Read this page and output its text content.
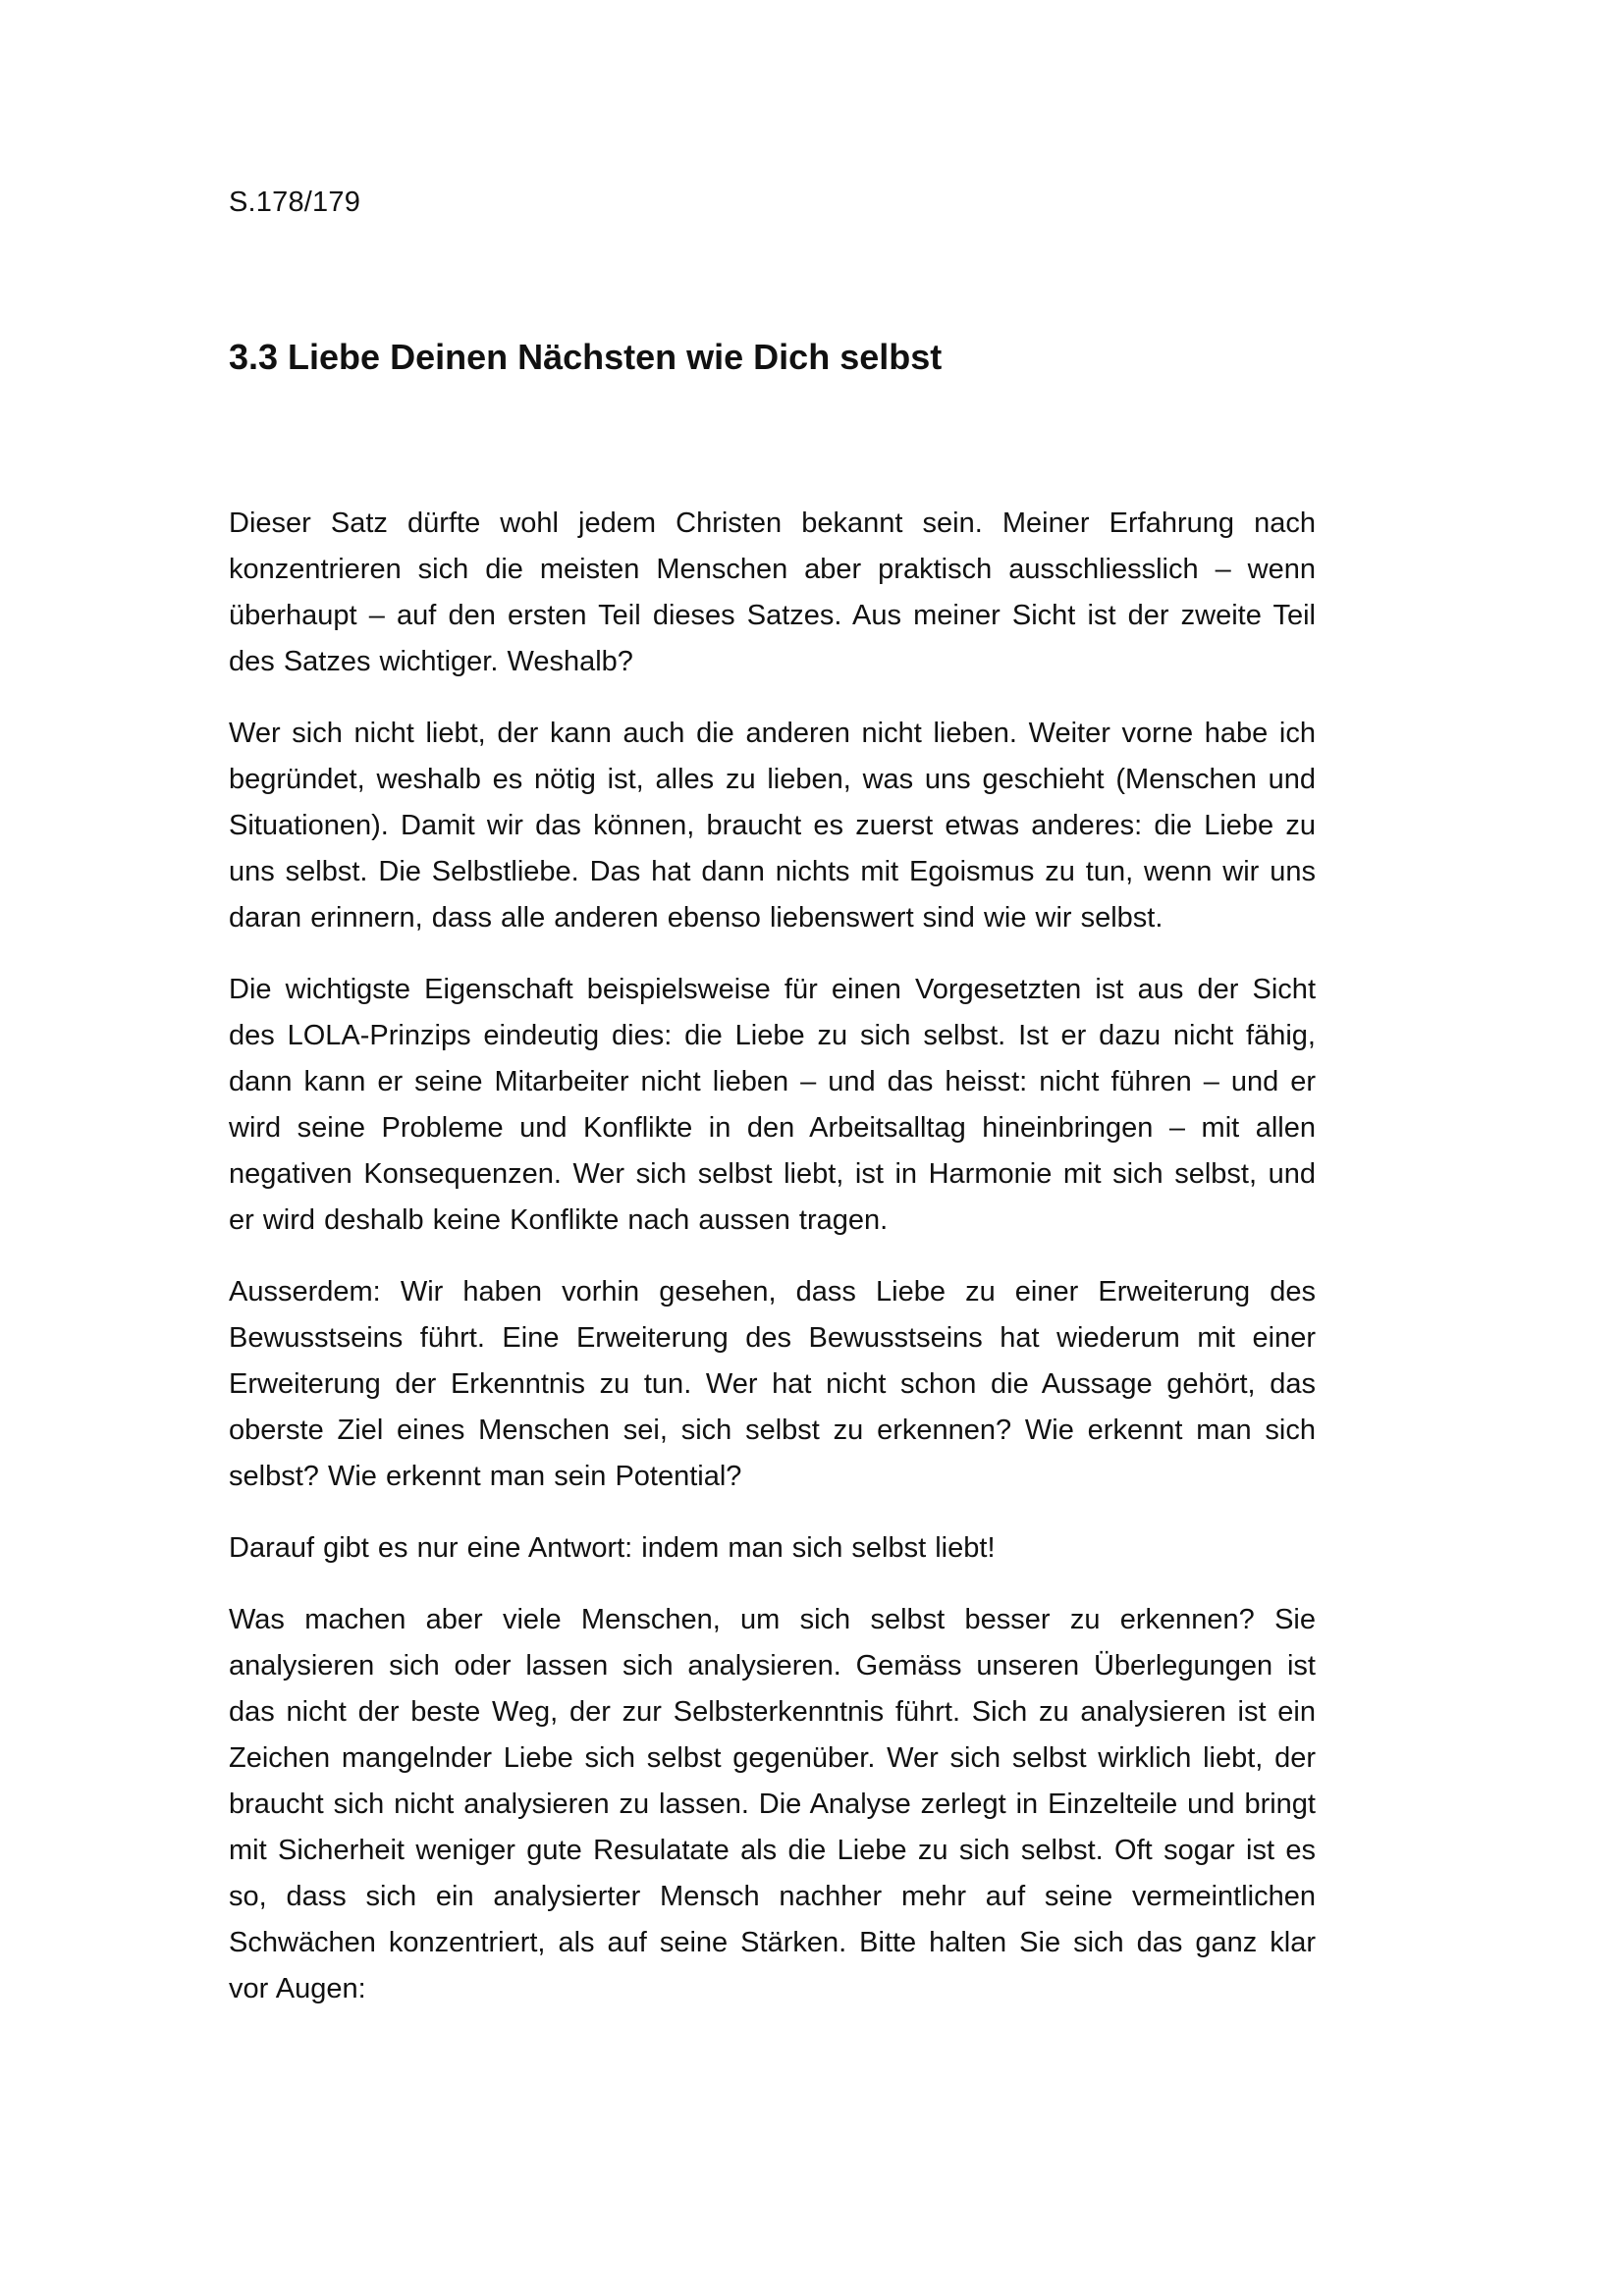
S.178/179
3.3 Liebe Deinen Nächsten wie Dich selbst

Dieser Satz dürfte wohl jedem Christen bekannt sein. Meiner Erfahrung nach konzentrieren sich die meisten Menschen aber praktisch ausschliesslich – wenn überhaupt – auf den ersten Teil dieses Satzes. Aus meiner Sicht ist der zweite Teil des Satzes wichtiger. Weshalb?

Wer sich nicht liebt, der kann auch die anderen nicht lieben. Weiter vorne habe ich begründet, weshalb es nötig ist, alles zu lieben, was uns geschieht (Menschen und Situationen). Damit wir das können, braucht es zuerst etwas anderes: die Liebe zu uns selbst. Die Selbstliebe. Das hat dann nichts mit Egoismus zu tun, wenn wir uns daran erinnern, dass alle anderen ebenso liebenswert sind wie wir selbst.

Die wichtigste Eigenschaft beispielsweise für einen Vorgesetzten ist aus der Sicht des LOLA-Prinzips eindeutig dies: die Liebe zu sich selbst. Ist er dazu nicht fähig, dann kann er seine Mitarbeiter nicht lieben – und das heisst: nicht führen – und er wird seine Probleme und Konflikte in den Arbeitsalltag hineinbringen – mit allen negativen Konsequenzen. Wer sich selbst liebt, ist in Harmonie mit sich selbst, und er wird deshalb keine Konflikte nach aussen tragen.

Ausserdem: Wir haben vorhin gesehen, dass Liebe zu einer Erweiterung des Bewusstseins führt. Eine Erweiterung des Bewusstseins hat wiederum mit einer Erweiterung der Erkenntnis zu tun. Wer hat nicht schon die Aussage gehört, das oberste Ziel eines Menschen sei, sich selbst zu erkennen? Wie erkennt man sich selbst? Wie erkennt man sein Potential?

Darauf gibt es nur eine Antwort: indem man sich selbst liebt!

Was machen aber viele Menschen, um sich selbst besser zu erkennen? Sie analysieren sich oder lassen sich analysieren. Gemäss unseren Überlegungen ist das nicht der beste Weg, der zur Selbsterkenntnis führt. Sich zu analysieren ist ein Zeichen mangelnder Liebe sich selbst gegenüber. Wer sich selbst wirklich liebt, der braucht sich nicht analysieren zu lassen. Die Analyse zerlegt in Einzelteile und bringt mit Sicherheit weniger gute Resulatate als die Liebe zu sich selbst. Oft sogar ist es so, dass sich ein analysierter Mensch nachher mehr auf seine vermeintlichen Schwächen konzentriert, als auf seine Stärken. Bitte halten Sie sich das ganz klar vor Augen:
